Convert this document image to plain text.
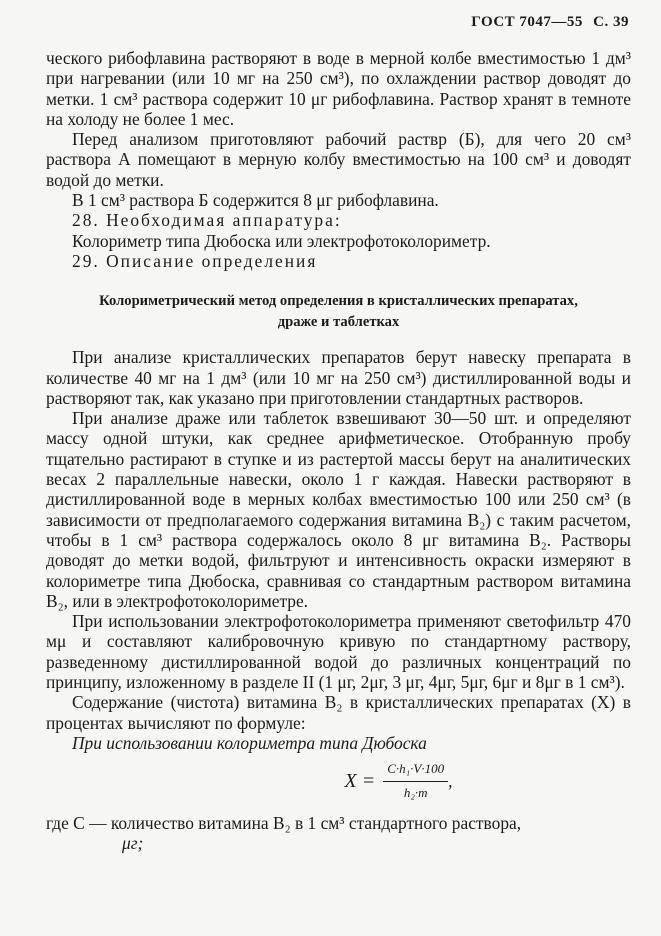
ГОСТ 7047—55 С. 39

ческого рибофлавина растворяют в воде в мерной колбе вместимостью 1 дм³ при нагревании (или 10 мг на 250 см³), по охлаждении раствор доводят до метки. 1 см³ раствора содержит 10 μг рибофлавина. Раствор хранят в темноте на холоду не более 1 мес.

Перед анализом приготовляют рабочий раствр (Б), для чего 20 см³ раствора А помещают в мерную колбу вместимостью на 100 см³ и доводят водой до метки.

В 1 см³ раствора Б содержится 8 μг рибофлавина.

28. Необходимая аппаратура:

Колориметр типа Дюбоска или электрофотоколориметр.

29. Описание определения

Колориметрический метод определения в кристаллических препаратах, драже и таблетках

При анализе кристаллических препаратов берут навеску препарата в количестве 40 мг на 1 дм³ (или 10 мг на 250 см³) дистиллированной воды и растворяют так, как указано при приготовлении стандартных растворов.

При анализе драже или таблеток взвешивают 30—50 шт. и определяют массу одной штуки, как среднее арифметическое. Отобранную пробу тщательно растирают в ступке и из растертой массы берут на аналитических весах 2 параллельные навески, около 1 г каждая. Навески растворяют в дистиллированной воде в мерных колбах вместимостью 100 или 250 см³ (в зависимости от предполагаемого содержания витамина B₂) с таким расчетом, чтобы в 1 см³ раствора содержалось около 8 μг витамина B₂. Растворы доводят до метки водой, фильтруют и интенсивность окраски измеряют в колориметре типа Дюбоска, сравнивая со стандартным раствором витамина B₂, или в электрофотоколориметре.

При использовании электрофотоколориметра применяют светофильтр 470 мμ и составляют калибровочную кривую по стандартному раствору, разведенному дистиллированной водой до различных концентраций по принципу, изложенному в разделе II (1 μг, 2μг, 3 μг, 4μг, 5μг, 6μг и 8μг в 1 см³).

Содержание (чистота) витамина B₂ в кристаллических препаратах (X) в процентах вычисляют по формуле:

При использовании колориметра типа Дюбоска

$X = \frac{\text{C·h₁·V·100}}{\text{h₂·m}}$ ,

где C — количество витамина B₂ в 1 см³ стандартного раствора,

μг;
